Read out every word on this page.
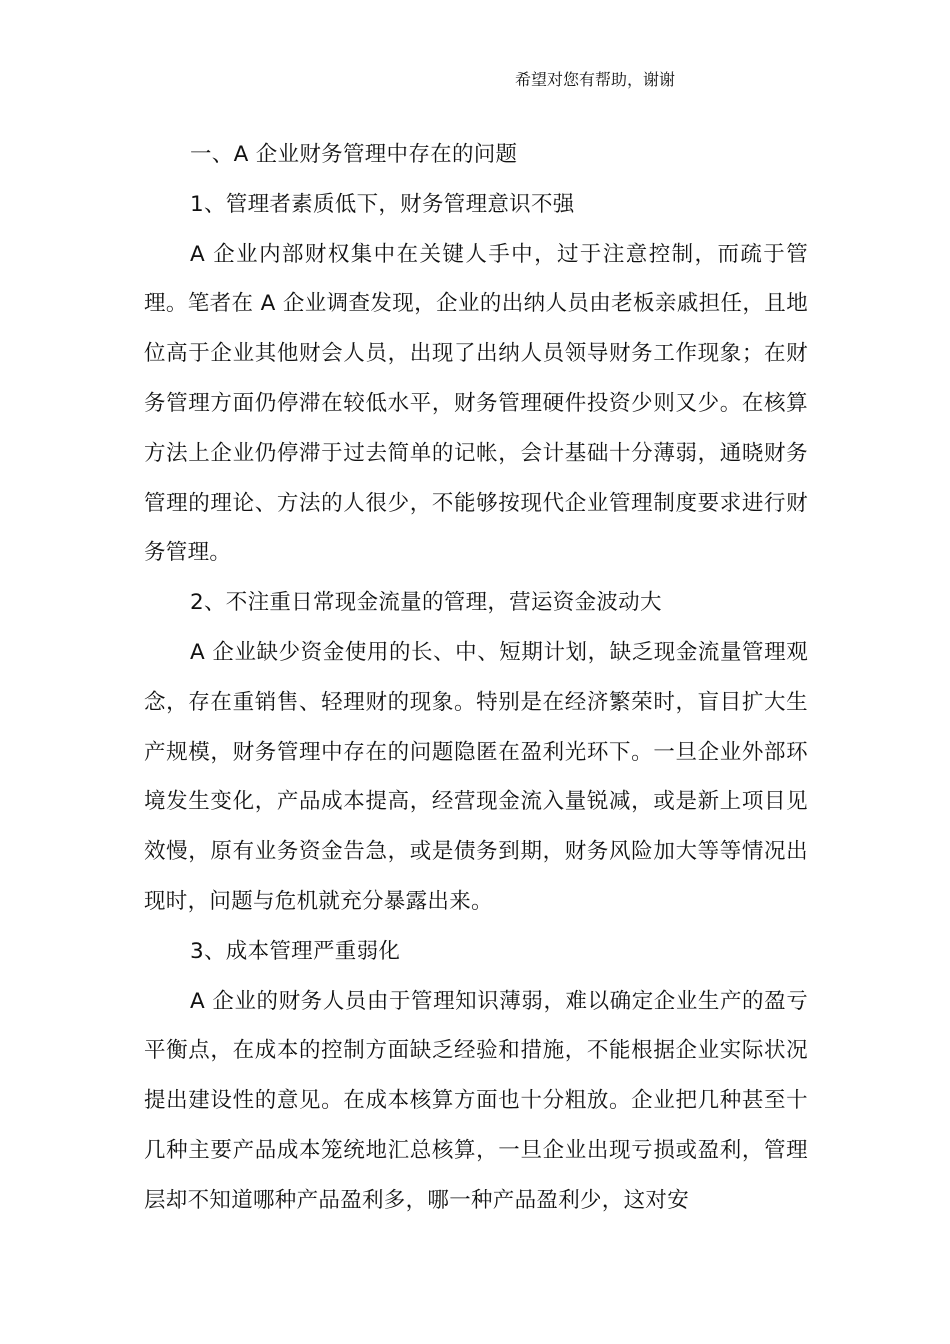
希望对您有帮助，谢谢

一、A 企业财务管理中存在的问题

1、管理者素质低下，财务管理意识不强

A 企业内部财权集中在关键人手中，过于注意控制，而疏于管理。笔者在 A 企业调查发现，企业的出纳人员由老板亲戚担任，且地位高于企业其他财会人员，出现了出纳人员领导财务工作现象；在财务管理方面仍停滞在较低水平，财务管理硬件投资少则又少。在核算方法上企业仍停滞于过去简单的记帐，会计基础十分薄弱，通晓财务管理的理论、方法的人很少，不能够按现代企业管理制度要求进行财务管理。

2、不注重日常现金流量的管理，营运资金波动大

A 企业缺少资金使用的长、中、短期计划，缺乏现金流量管理观念，存在重销售、轻理财的现象。特别是在经济繁荣时，盲目扩大生产规模，财务管理中存在的问题隐匿在盈利光环下。一旦企业外部环境发生变化，产品成本提高，经营现金流入量锐减，或是新上项目见效慢，原有业务资金告急，或是债务到期，财务风险加大等等情况出现时，问题与危机就充分暴露出来。

3、成本管理严重弱化

A 企业的财务人员由于管理知识薄弱，难以确定企业生产的盈亏平衡点，在成本的控制方面缺乏经验和措施，不能根据企业实际状况提出建设性的意见。在成本核算方面也十分粗放。企业把几种甚至十几种主要产品成本笼统地汇总核算，一旦企业出现亏损或盈利，管理层却不知道哪种产品盈利多，哪一种产品盈利少，这对安
